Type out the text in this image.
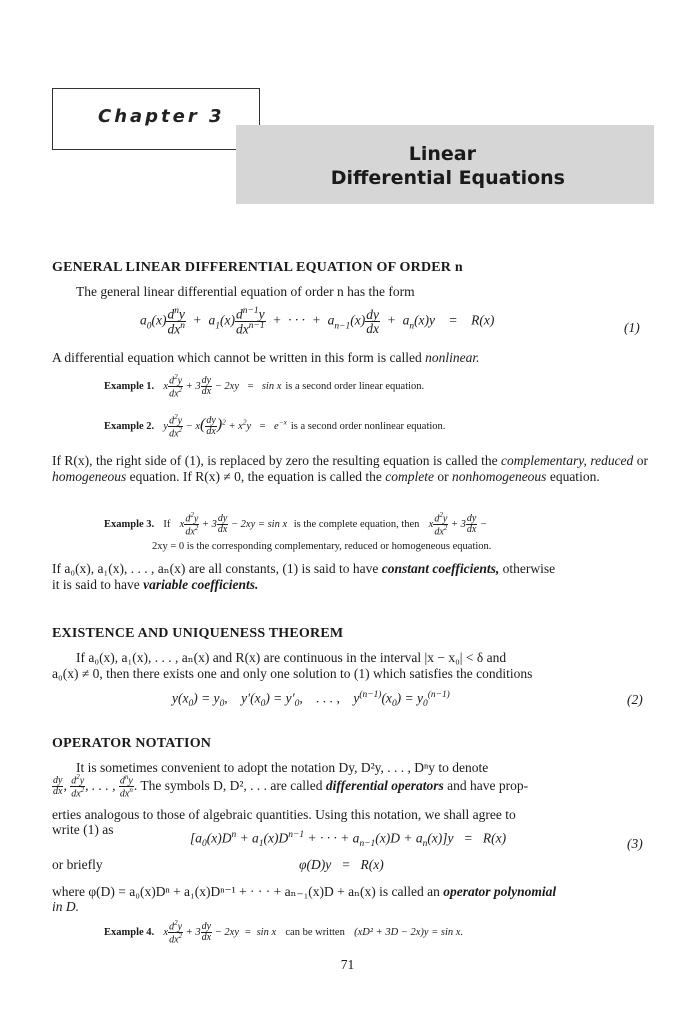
Chapter 3
Linear
Differential Equations
GENERAL LINEAR DIFFERENTIAL EQUATION OF ORDER n
The general linear differential equation of order n has the form
$a_0(x) \frac{d^ny}{dx^n} + a_1(x) \frac{d^{n-1}y}{dx^{n-1}}$ +  · · ·  +  $a_{n-1}(x) \frac{dy}{dx} + a_n(x)y$    =    R(x)	(1)
A differential equation which cannot be written in this form is called nonlinear.
Example 1.   x $\frac{d^2y}{dx^2} + 3 \frac{dy}{dx} - 2xy = \sin x$ is a second order linear equation.
Example 2.   y $\frac{d^2y}{dx^2} - x( \frac{dy}{dx} )^2 + x^2y = e^{-x}$ is a second order nonlinear equation.
If R(x), the right side of (1), is replaced by zero the resulting equation is called the complementary, reduced or homogeneous equation. If R(x) ≠ 0, the equation is called the complete or nonhomogeneous equation.
Example 3. If   x $\frac{d^2y}{dx^2} + 3 \frac{dy}{dx} - 2xy = \sin x$ is the complete equation, then   x $\frac{d^2y}{dx^2} + 3 \frac{dy}{dx}$ −
2xy = 0 is the corresponding complementary, reduced or homogeneous equation.
If a₀(x), a₁(x), . . . , aₙ(x) are all constants, (1) is said to have constant coefficients, otherwise
it is said to have variable coefficients.
EXISTENCE AND UNIQUENESS THEOREM
If a₀(x), a₁(x), . . . , aₙ(x) and R(x) are continuous in the interval |x − x₀| < δ and
a₀(x) ≠ 0, then there exists one and only one solution to (1) which satisfies the conditions
$y(x_0) = y_0$,    $y'(x_0) = y'_0$,    . . . ,    $y^{(n-1)}(x_0) = y_0^{(n-1)}$	(2)
OPERATOR NOTATION
It is sometimes convenient to adopt the notation Dy, D²y, . . . , Dⁿy to denote
$\frac{dy}{dx}$ , $\frac{d^2y}{dx^2}$ , . . . , $\frac{d^ny}{dx^n}$ . The symbols D, D², . . . are called differential operators and have prop-
erties analogous to those of algebraic quantities. Using this notation, we shall agree to
write (1) as
[$a_0(x)D^n + a_1(x)D^{n-1}$ + · · · + $a_{n-1}(x)D + a_n(x)]y = R(x)$	(3)
or briefly	φ(D)y   =   R(x)
where φ(D) = a₀(x)Dⁿ + a₁(x)Dⁿ⁻¹ + · · · + aₙ₋₁(x)D + aₙ(x) is called an operator polynomial
in D.
Example 4.   x $\frac{d^2y}{dx^2} + 3 \frac{dy}{dx} - 2xy = \sin x$ can be written (xD² + 3D − 2x)y = sin x.
71
